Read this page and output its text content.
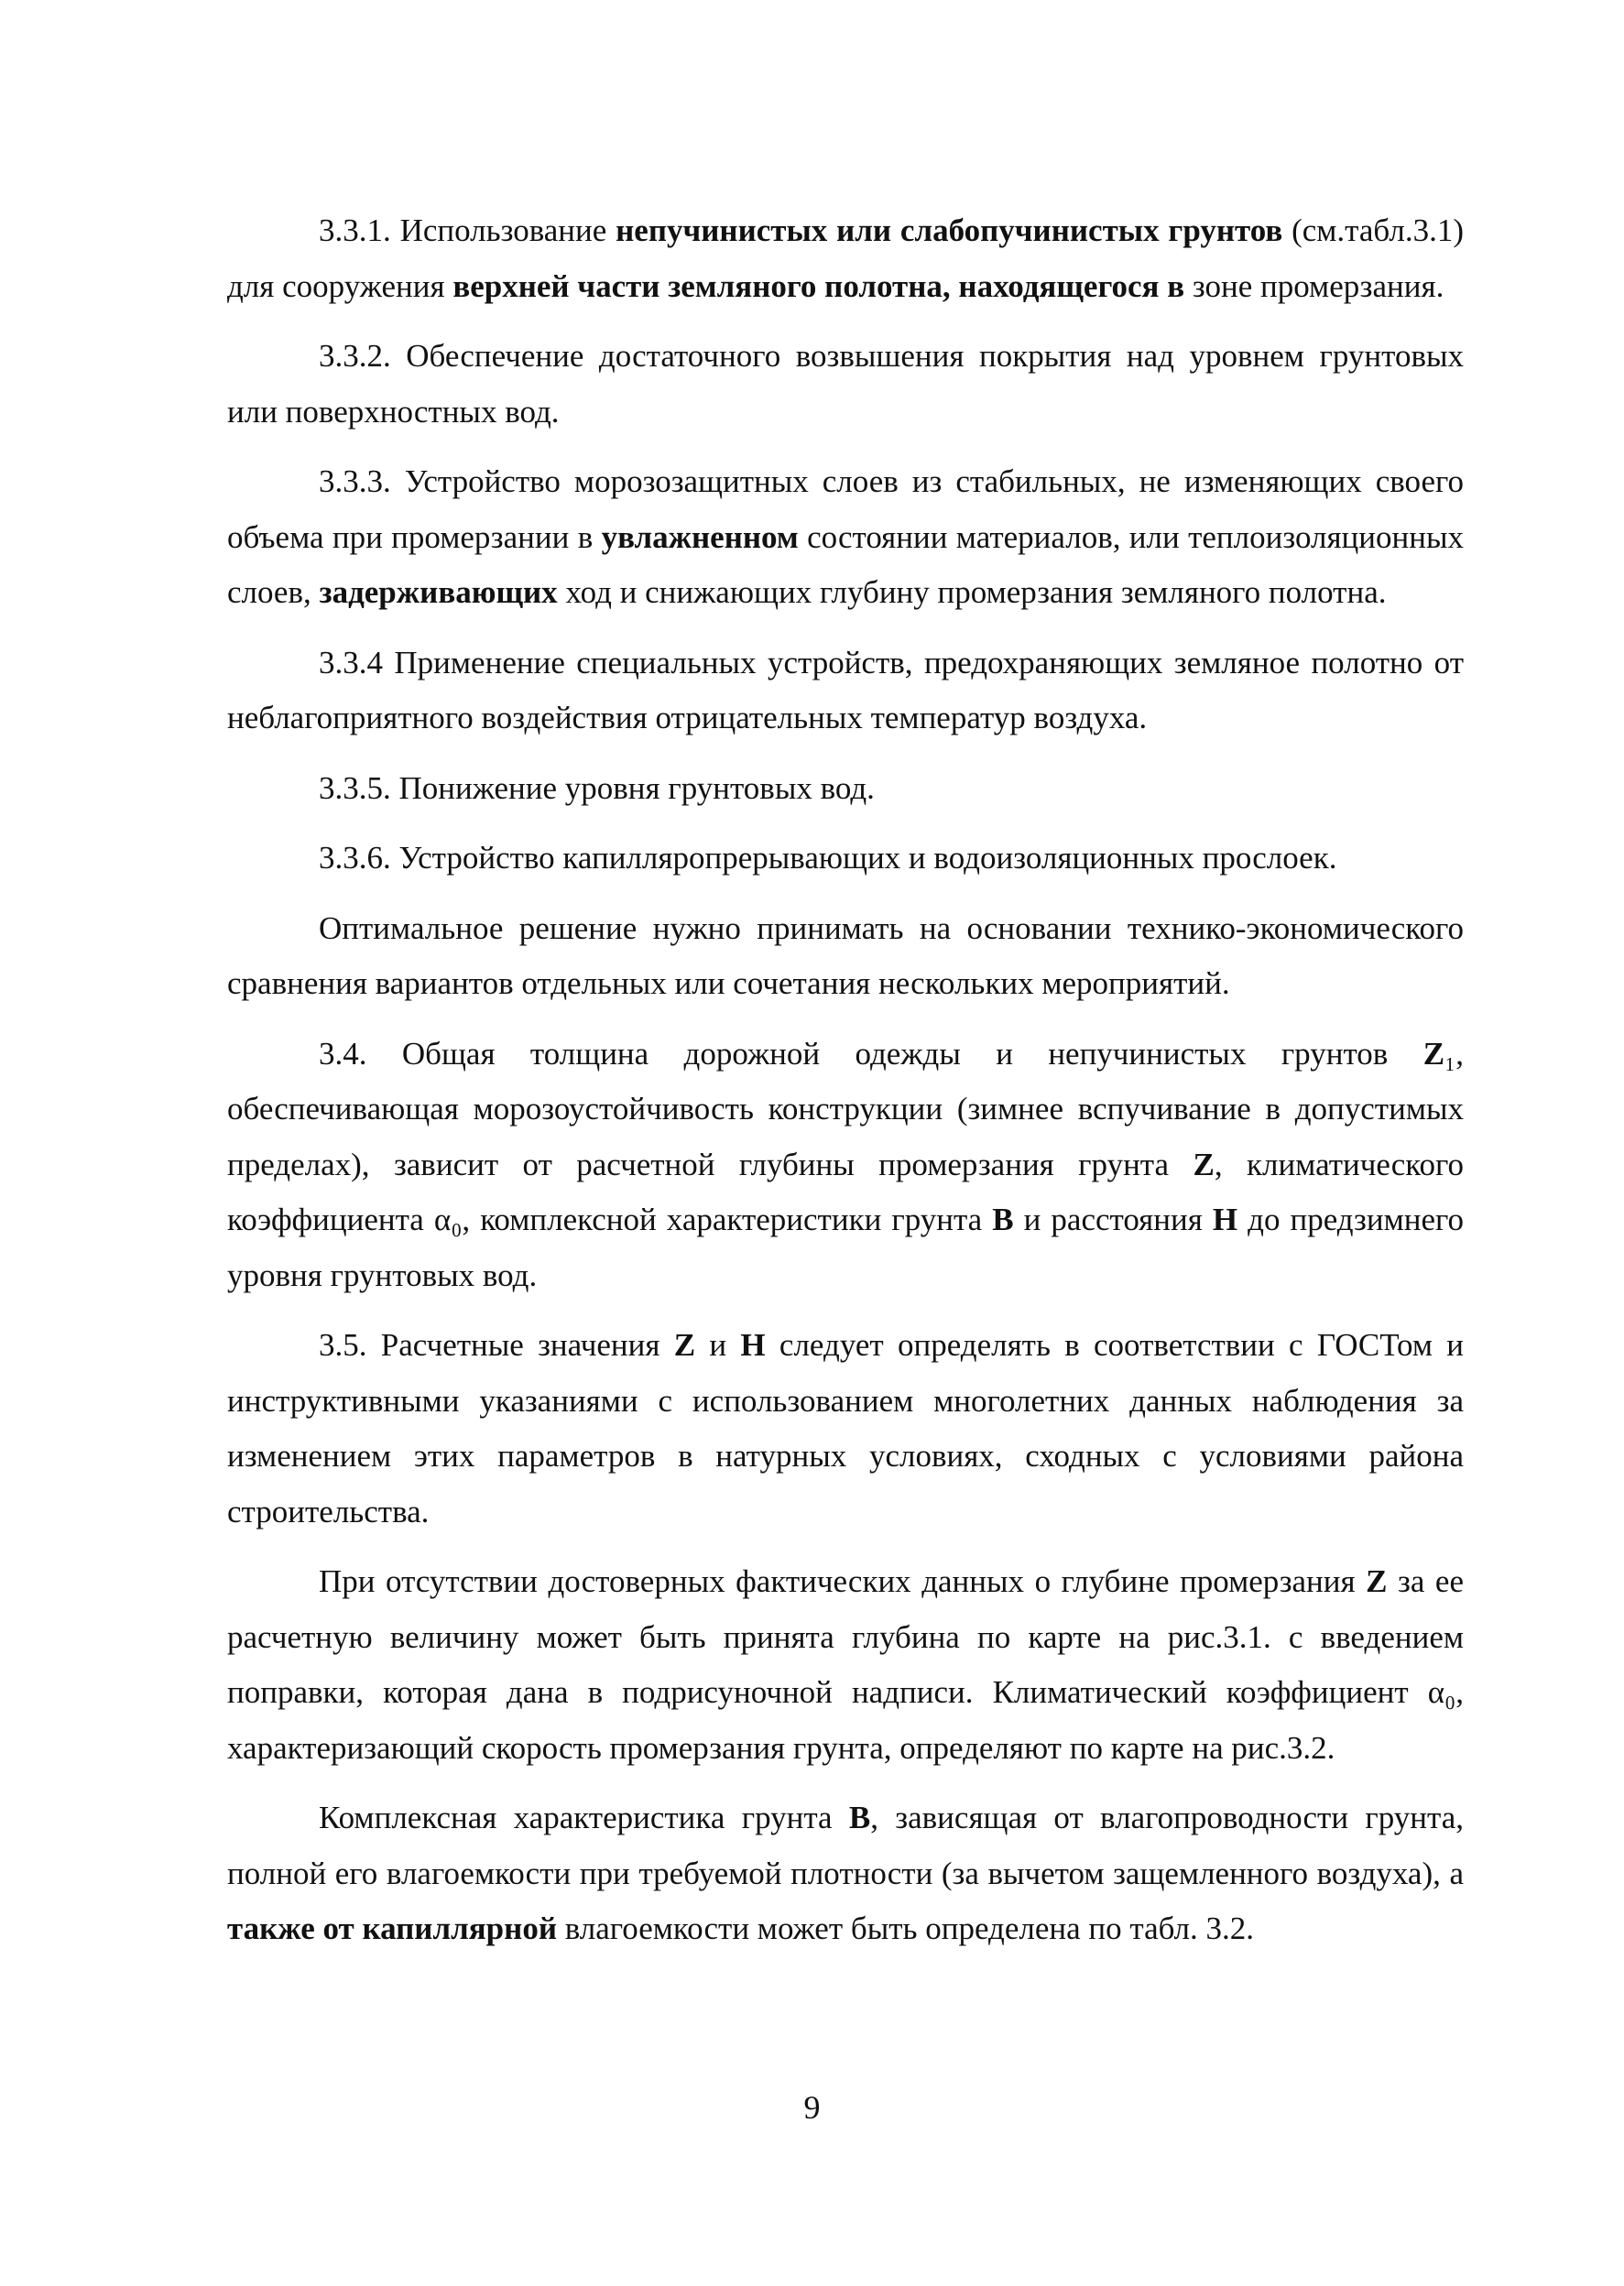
3.3.1. Использование непучинистых или слабопучинистых грунтов (см.табл.3.1) для сооружения верхней части земляного полотна, находящегося в зоне промерзания.

3.3.2. Обеспечение достаточного возвышения покрытия над уровнем грунтовых или поверхностных вод.

3.3.3. Устройство морозозащитных слоев из стабильных, не изменяющих своего объема при промерзании в увлажненном состоянии материалов, или теплоизоляционных слоев, задерживающих ход и снижающих глубину промерзания земляного полотна.

3.3.4 Применение специальных устройств, предохраняющих земляное полотно от неблагоприятного воздействия отрицательных температур воздуха.

3.3.5. Понижение уровня грунтовых вод.

3.3.6. Устройство капилляропрерывающих и водоизоляционных прослоек.

Оптимальное решение нужно принимать на основании технико-экономического сравнения вариантов отдельных или сочетания нескольких мероприятий.

3.4. Общая толщина дорожной одежды и непучинистых грунтов Z₁, обеспечивающая морозоустойчивость конструкции (зимнее вспучивание в допустимых пределах), зависит от расчетной глубины промерзания грунта Z, климатического коэффициента α₀, комплексной характеристики грунта B и расстояния H до предзимнего уровня грунтовых вод.

3.5. Расчетные значения Z и H следует определять в соответствии с ГОСТом и инструктивными указаниями с использованием многолетних данных наблюдения за изменением этих параметров в натурных условиях, сходных с условиями района строительства.

При отсутствии достоверных фактических данных о глубине промерзания Z за ее расчетную величину может быть принята глубина по карте на рис.3.1. с введением поправки, которая дана в подрисуночной надписи. Климатический коэффициент α₀, характеризающий скорость промерзания грунта, определяют по карте на рис.3.2.

Комплексная характеристика грунта B, зависящая от влагопроводности грунта, полной его влагоемкости при требуемой плотности (за вычетом защемленного воздуха), а также от капиллярной влагоемкости может быть определена по табл. 3.2.

9
